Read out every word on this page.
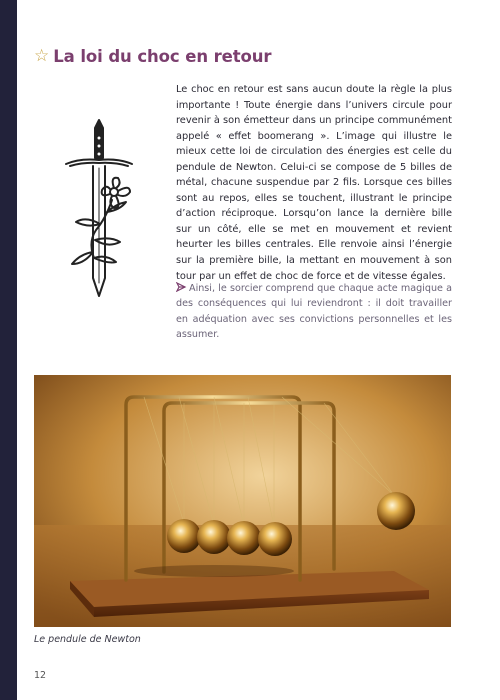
☆ La loi du choc en retour

Le choc en retour est sans aucun doute la règle la plus importante ! Toute énergie dans l’univers circule pour revenir à son émetteur dans un principe communément appelé « effet boomerang ». L’image qui illustre le mieux cette loi de circulation des énergies est celle du pendule de Newton. Celui-ci se compose de 5 billes de métal, chacune suspendue par 2 fils. Lorsque ces billes sont au repos, elles se touchent, illustrant le principe d’action réciproque. Lorsqu’on lance la dernière bille sur un côté, elle se met en mouvement et revient heurter les billes centrales. Elle renvoie ainsi l’énergie sur la première bille, la mettant en mouvement à son tour par un effet de choc de force et de vitesse égales.

Ainsi, le sorcier comprend que chaque acte magique a des conséquences qui lui reviendront : il doit travailler en adéquation avec ses convictions personnelles et les assumer.

Le pendule de Newton

12
